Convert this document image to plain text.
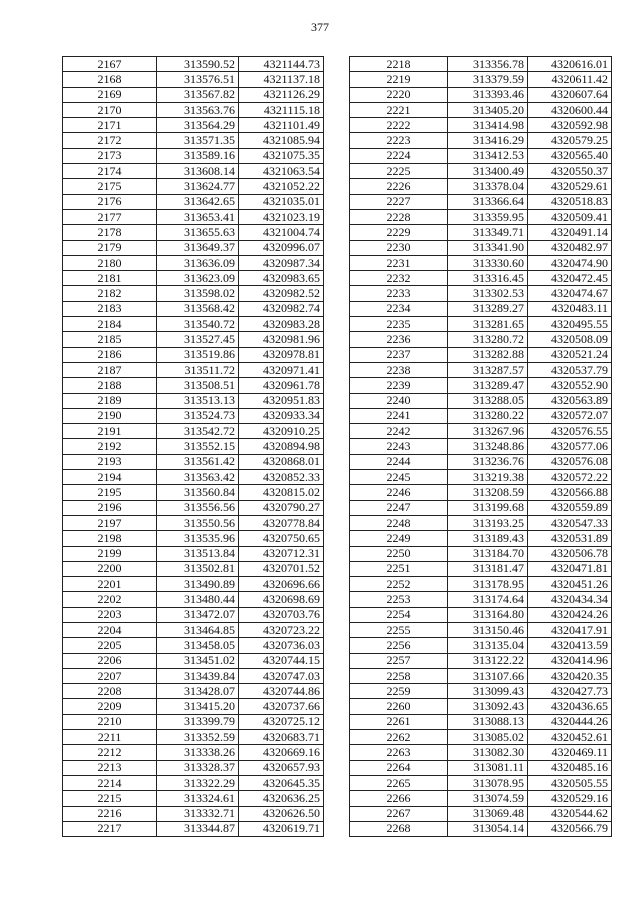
377
2167	313590.52	4321144.73
2168	313576.51	4321137.18
2169	313567.82	4321126.29
2170	313563.76	4321115.18
2171	313564.29	4321101.49
2172	313571.35	4321085.94
2173	313589.16	4321075.35
2174	313608.14	4321063.54
2175	313624.77	4321052.22
2176	313642.65	4321035.01
2177	313653.41	4321023.19
2178	313655.63	4321004.74
2179	313649.37	4320996.07
2180	313636.09	4320987.34
2181	313623.09	4320983.65
2182	313598.02	4320982.52
2183	313568.42	4320982.74
2184	313540.72	4320983.28
2185	313527.45	4320981.96
2186	313519.86	4320978.81
2187	313511.72	4320971.41
2188	313508.51	4320961.78
2189	313513.13	4320951.83
2190	313524.73	4320933.34
2191	313542.72	4320910.25
2192	313552.15	4320894.98
2193	313561.42	4320868.01
2194	313563.42	4320852.33
2195	313560.84	4320815.02
2196	313556.56	4320790.27
2197	313550.56	4320778.84
2198	313535.96	4320750.65
2199	313513.84	4320712.31
2200	313502.81	4320701.52
2201	313490.89	4320696.66
2202	313480.44	4320698.69
2203	313472.07	4320703.76
2204	313464.85	4320723.22
2205	313458.05	4320736.03
2206	313451.02	4320744.15
2207	313439.84	4320747.03
2208	313428.07	4320744.86
2209	313415.20	4320737.66
2210	313399.79	4320725.12
2211	313352.59	4320683.71
2212	313338.26	4320669.16
2213	313328.37	4320657.93
2214	313322.29	4320645.35
2215	313324.61	4320636.25
2216	313332.71	4320626.50
2217	313344.87	4320619.71
2218	313356.78	4320616.01
2219	313379.59	4320611.42
2220	313393.46	4320607.64
2221	313405.20	4320600.44
2222	313414.98	4320592.98
2223	313416.29	4320579.25
2224	313412.53	4320565.40
2225	313400.49	4320550.37
2226	313378.04	4320529.61
2227	313366.64	4320518.83
2228	313359.95	4320509.41
2229	313349.71	4320491.14
2230	313341.90	4320482.97
2231	313330.60	4320474.90
2232	313316.45	4320472.45
2233	313302.53	4320474.67
2234	313289.27	4320483.11
2235	313281.65	4320495.55
2236	313280.72	4320508.09
2237	313282.88	4320521.24
2238	313287.57	4320537.79
2239	313289.47	4320552.90
2240	313288.05	4320563.89
2241	313280.22	4320572.07
2242	313267.96	4320576.55
2243	313248.86	4320577.06
2244	313236.76	4320576.08
2245	313219.38	4320572.22
2246	313208.59	4320566.88
2247	313199.68	4320559.89
2248	313193.25	4320547.33
2249	313189.43	4320531.89
2250	313184.70	4320506.78
2251	313181.47	4320471.81
2252	313178.95	4320451.26
2253	313174.64	4320434.34
2254	313164.80	4320424.26
2255	313150.46	4320417.91
2256	313135.04	4320413.59
2257	313122.22	4320414.96
2258	313107.66	4320420.35
2259	313099.43	4320427.73
2260	313092.43	4320436.65
2261	313088.13	4320444.26
2262	313085.02	4320452.61
2263	313082.30	4320469.11
2264	313081.11	4320485.16
2265	313078.95	4320505.55
2266	313074.59	4320529.16
2267	313069.48	4320544.62
2268	313054.14	4320566.79
